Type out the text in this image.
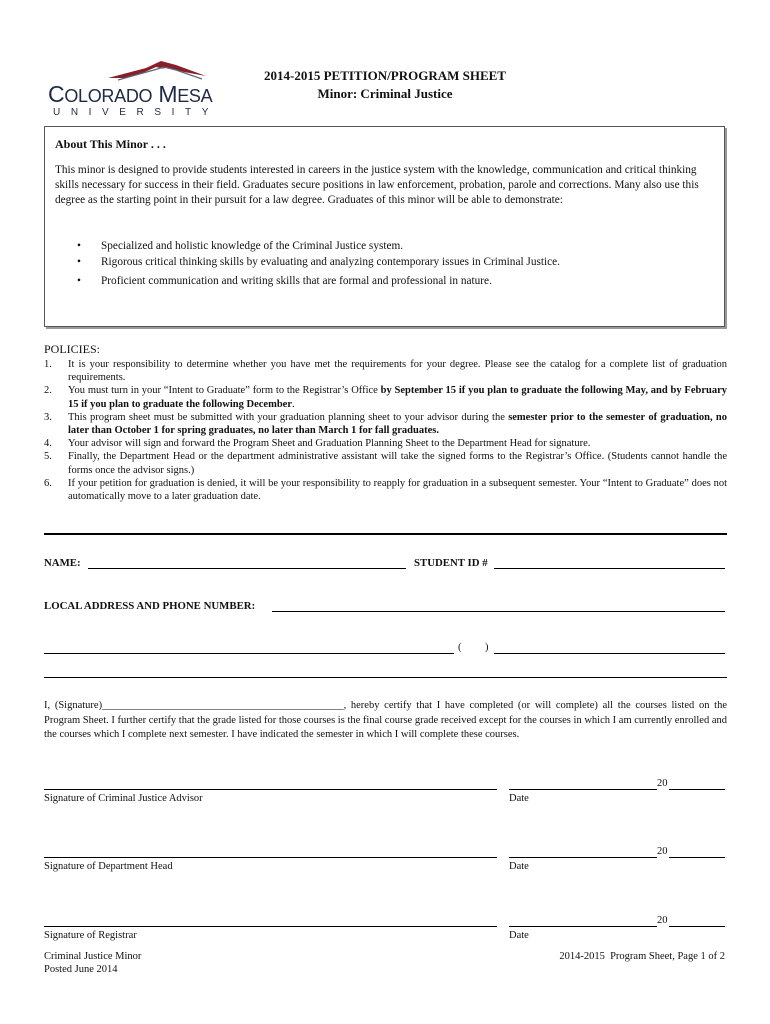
COLORADO MESA
UNIVERSITY
2014-2015 PETITION/PROGRAM SHEET
Minor: Criminal Justice
About This Minor . . .
This minor is designed to provide students interested in careers in the justice system with the knowledge, communication and critical thinking skills necessary for success in their field. Graduates secure positions in law enforcement, probation, parole and corrections. Many also use this degree as the starting point in their pursuit for a law degree. Graduates of this minor will be able to demonstrate:
• Specialized and holistic knowledge of the Criminal Justice system.
• Rigorous critical thinking skills by evaluating and analyzing contemporary issues in Criminal Justice.
• Proficient communication and writing skills that are formal and professional in nature.
POLICIES:
1. It is your responsibility to determine whether you have met the requirements for your degree. Please see the catalog for a complete list of graduation requirements.
2. You must turn in your “Intent to Graduate” form to the Registrar’s Office by September 15 if you plan to graduate the following May, and by February 15 if you plan to graduate the following December.
3. This program sheet must be submitted with your graduation planning sheet to your advisor during the semester prior to the semester of graduation, no later than October 1 for spring graduates, no later than March 1 for fall graduates.
4. Your advisor will sign and forward the Program Sheet and Graduation Planning Sheet to the Department Head for signature.
5. Finally, the Department Head or the department administrative assistant will take the signed forms to the Registrar’s Office. (Students cannot handle the forms once the advisor signs.)
6. If your petition for graduation is denied, it will be your responsibility to reapply for graduation in a subsequent semester. Your “Intent to Graduate” does not automatically move to a later graduation date.
NAME:	STUDENT ID #
LOCAL ADDRESS AND PHONE NUMBER:
( )
I, (Signature)______________________________________________, hereby certify that I have completed (or will complete) all the courses listed on the Program Sheet. I further certify that the grade listed for those courses is the final course grade received except for the courses in which I am currently enrolled and the courses which I complete next semester. I have indicated the semester in which I will complete these courses.
Signature of Criminal Justice Advisor
20
Date
Signature of Department Head
20
Date
Signature of Registrar
20
Date
Criminal Justice Minor
Posted June 2014
2014-2015  Program Sheet, Page 1 of 2
